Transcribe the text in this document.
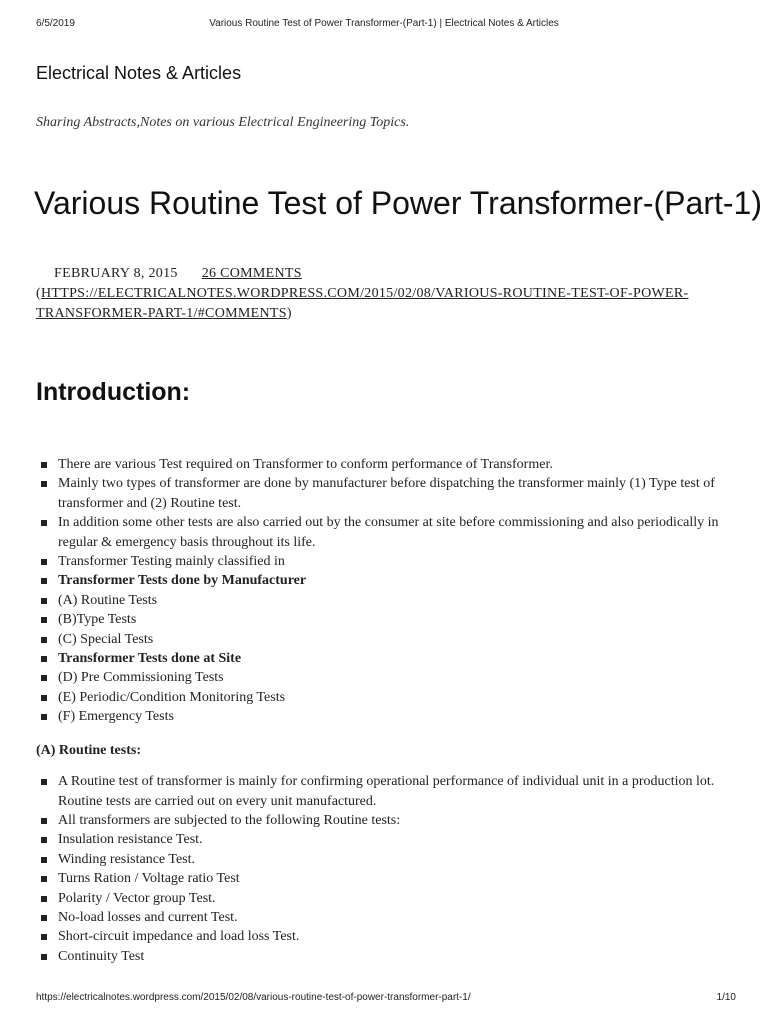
6/5/2019	Various Routine Test of Power Transformer-(Part-1) | Electrical Notes & Articles
Electrical Notes & Articles

Sharing Abstracts,Notes on various Electrical Engineering Topics.

Various Routine Test of Power Transformer-(Part-1)
FEBRUARY 8, 2015 26 COMMENTS (HTTPS://ELECTRICALNOTES.WORDPRESS.COM/2015/02/08/VARIOUS-ROUTINE-TEST-OF-POWER-TRANSFORMER-PART-1/#COMMENTS)
Introduction:
There are various Test required on Transformer to conform performance of Transformer.
Mainly two types of transformer are done by manufacturer before dispatching the transformer mainly (1) Type test of transformer and (2) Routine test.
In addition some other tests are also carried out by the consumer at site before commissioning and also periodically in regular & emergency basis throughout its life.
Transformer Testing mainly classified in
Transformer Tests done by Manufacturer
(A) Routine Tests
(B)Type Tests
(C) Special Tests
Transformer Tests done at Site
(D) Pre Commissioning Tests
(E) Periodic/Condition Monitoring Tests
(F) Emergency Tests

(A) Routine tests:

A Routine test of transformer is mainly for confirming operational performance of individual unit in a production lot. Routine tests are carried out on every unit manufactured.
All transformers are subjected to the following Routine tests:
Insulation resistance Test.
Winding resistance Test.
Turns Ration / Voltage ratio Test
Polarity / Vector group Test.
No-load losses and current Test.
Short-circuit impedance and load loss Test.
Continuity Test
https://electricalnotes.wordpress.com/2015/02/08/various-routine-test-of-power-transformer-part-1/	1/10
